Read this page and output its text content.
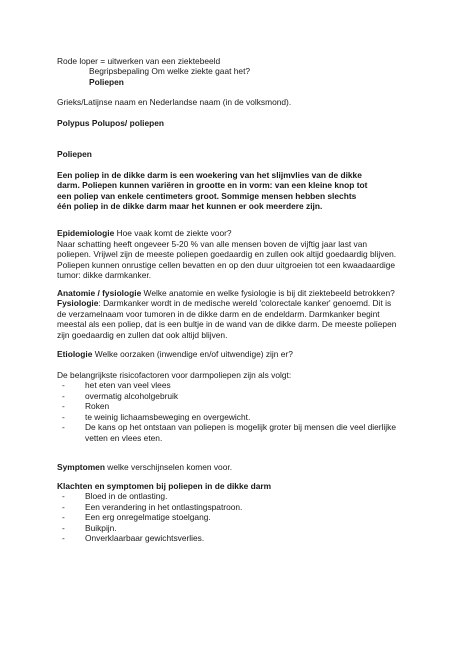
Rode loper = uitwerken van een ziektebeeld
Begripsbepaling Om welke ziekte gaat het?
Poliepen
Grieks/Latijnse naam en Nederlandse naam (in de volksmond).
Polypus Polupos/ poliepen
Poliepen
Een poliep in de dikke darm is een woekering van het slijmvlies van de dikke
darm. Poliepen kunnen variëren in grootte en in vorm: van een kleine knop tot
een poliep van enkele centimeters groot. Sommige mensen hebben slechts
één poliep in de dikke darm maar het kunnen er ook meerdere zijn.
Epidemiologie Hoe vaak komt de ziekte voor?
Naar schatting heeft ongeveer 5-20 % van alle mensen boven de vijftig jaar last van
poliepen. Vrijwel zijn de meeste poliepen goedaardig en zullen ook altijd goedaardig blijven.
Poliepen kunnen onrustige cellen bevatten en op den duur uitgroeien tot een kwaadaardige
tumor: dikke darmkanker.
Anatomie / fysiologie Welke anatomie en welke fysiologie is bij dit ziektebeeld betrokken?
Fysiologie: Darmkanker wordt in de medische wereld 'colorectale kanker' genoemd. Dit is
de verzamelnaam voor tumoren in de dikke darm en de endeldarm. Darmkanker begint
meestal als een poliep, dat is een bultje in de wand van de dikke darm. De meeste poliepen
zijn goedaardig en zullen dat ook altijd blijven.
Etiologie Welke oorzaken (inwendige en/of uitwendige) zijn er?
De belangrijkste risicofactoren voor darmpoliepen zijn als volgt:
- het eten van veel vlees
- overmatig alcoholgebruik
- Roken
- te weinig lichaamsbeweging en overgewicht.
- De kans op het ontstaan van poliepen is mogelijk groter bij mensen die veel dierlijke
vetten en vlees eten.
Symptomen welke verschijnselen komen voor.
Klachten en symptomen bij poliepen in de dikke darm
- Bloed in de ontlasting.
- Een verandering in het ontlastingspatroon.
- Een erg onregelmatige stoelgang.
- Buikpijn.
- Onverklaarbaar gewichtsverlies.
